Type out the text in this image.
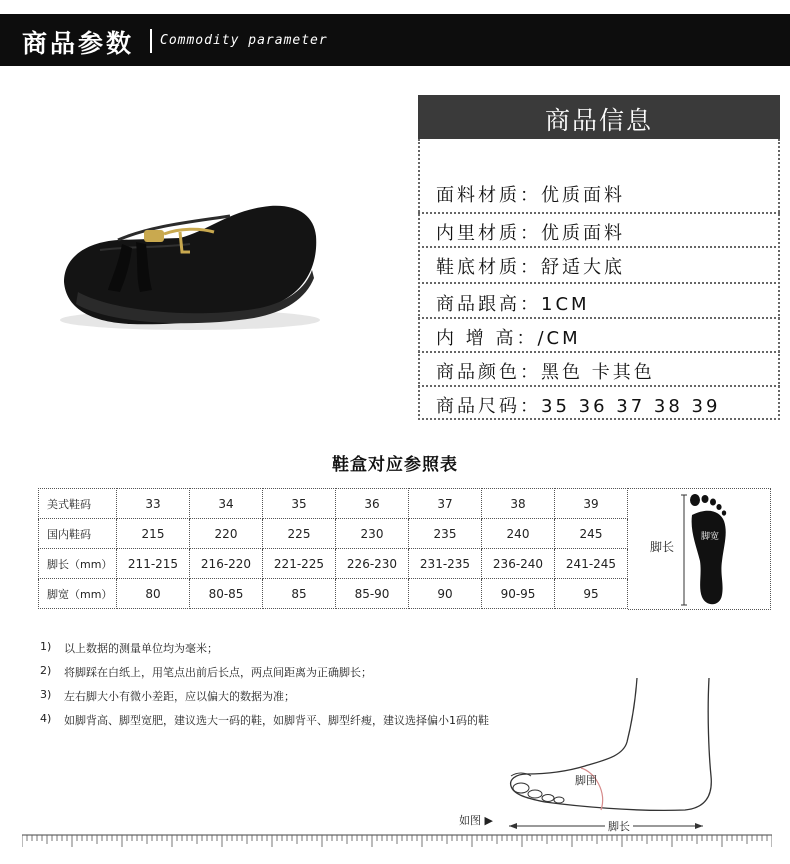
商品参数 Commodity parameter
商品信息
面料材质：优质面料
内里材质：优质面料
鞋底材质：舒适大底
商品跟高：1CM
内 增 高：/CM
商品颜色：黑色 卡其色
商品尺码：35 36 37 38 39
鞋盒对应参照表
美式鞋码	33	34	35	36	37	38	39
国内鞋码	215	220	225	230	235	240	245
脚长（mm）	211-215	216-220	221-225	226-230	231-235	236-240	241-245
脚宽（mm）	80	80-85	85	85-90	90	90-95	95
脚长
脚宽
1) 以上数据的测量单位均为毫米；
2) 将脚踩在白纸上，用笔点出前后长点，两点间距离为正确脚长；
3) 左右脚大小有微小差距，应以偏大的数据为准；
4) 如脚背高、脚型宽肥，建议选大一码的鞋，如脚背平、脚型纤瘦，建议选择偏小1码的鞋
脚围
如图 ▶	脚长
